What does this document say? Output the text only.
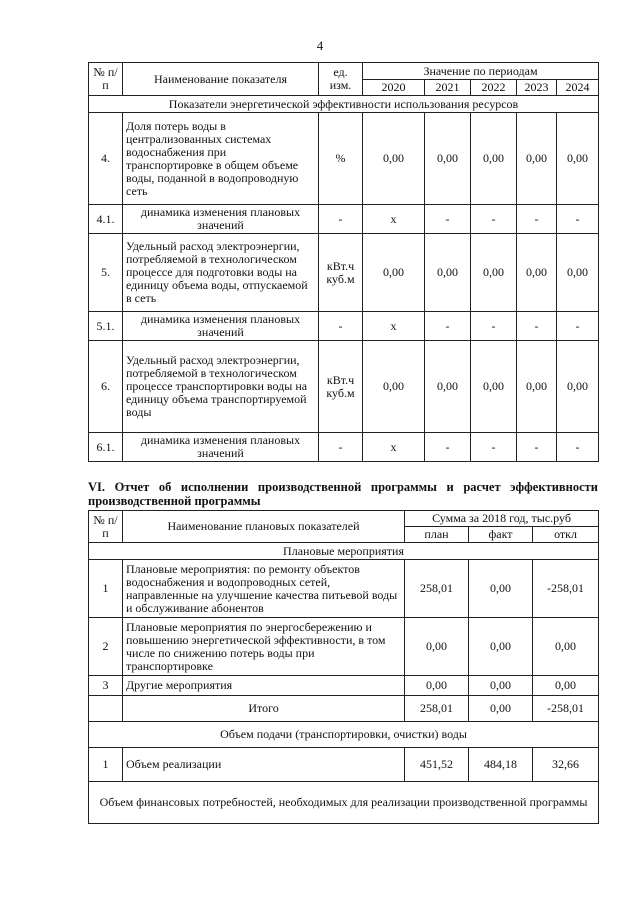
4
№ п/п	Наименование показателя	ед. изм.	Значение по периодам				
			2020	2021	2022	2023	2024
Показатели энергетической эффективности использования ресурсов							
4.	Доля потерь воды в централизованных системах водоснабжения при транспортировке в общем объеме воды, поданной в водопроводную сеть	%	0,00	0,00	0,00	0,00	0,00
4.1.	динамика изменения плановых значений	-	х	-	-	-	-
5.	Удельный расход электроэнергии, потребляемой в технологическом процессе для подготовки воды на единицу объема воды, отпускаемой в сеть	кВт.ч куб.м	0,00	0,00	0,00	0,00	0,00
5.1.	динамика изменения плановых значений	-	х	-	-	-	-
6.	Удельный расход электроэнергии, потребляемой в технологическом процессе транспортировки воды на единицу объема транспортируемой воды	кВт.ч куб.м	0,00	0,00	0,00	0,00	0,00
6.1.	динамика изменения плановых значений	-	х	-	-	-	-
VI. Отчет об исполнении производственной программы и расчет эффективности производственной программы
№ п/п	Наименование плановых показателей	Сумма за 2018 год, тыс.руб		
		план	факт	откл
Плановые мероприятия				
1	Плановые мероприятия: по ремонту объектов водоснабжения и водопроводных сетей, направленные на улучшение качества питьевой воды и обслуживание абонентов	258,01	0,00	-258,01
2	Плановые мероприятия по энергосбережению и повышению энергетической эффективности, в том числе по снижению потерь воды при транспортировке	0,00	0,00	0,00
3	Другие мероприятия	0,00	0,00	0,00
	Итого	258,01	0,00	-258,01
Объем подачи (транспортировки, очистки) воды				
1	Объем реализации	451,52	484,18	32,66
Объем финансовых потребностей, необходимых для реализации производственной программы				
